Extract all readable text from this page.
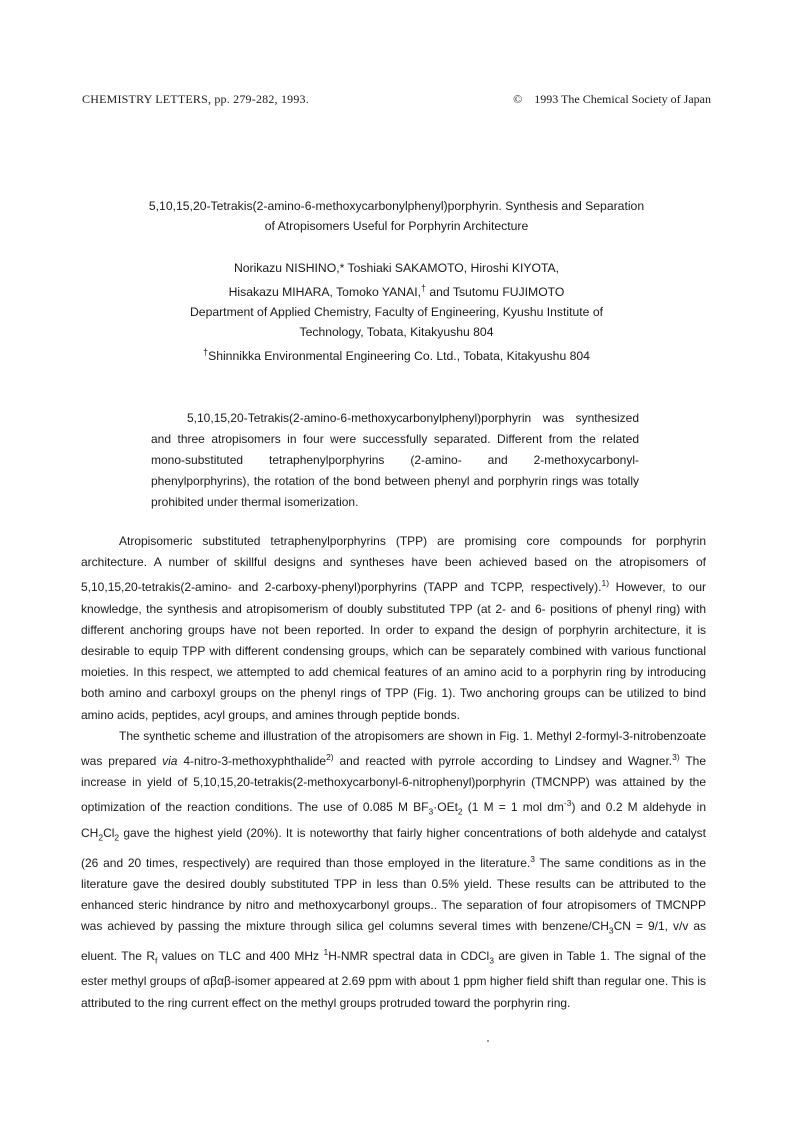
CHEMISTRY LETTERS, pp. 279-282, 1993.	© 1993 The Chemical Society of Japan
5,10,15,20-Tetrakis(2-amino-6-methoxycarbonylphenyl)porphyrin. Synthesis and Separation
of Atropisomers Useful for Porphyrin Architecture
Norikazu NISHINO,* Toshiaki SAKAMOTO, Hiroshi KIYOTA,
Hisakazu MIHARA, Tomoko YANAI,† and Tsutomu FUJIMOTO
Department of Applied Chemistry, Faculty of Engineering, Kyushu Institute of
Technology, Tobata, Kitakyushu 804
†Shinnikka Environmental Engineering Co. Ltd., Tobata, Kitakyushu 804

5,10,15,20-Tetrakis(2-amino-6-methoxycarbonylphenyl)porphyrin was synthesized and three atropisomers in four were successfully separated. Different from the related mono-substituted tetraphenylporphyrins (2-amino- and 2-methoxycarbonyl-phenylporphyrins), the rotation of the bond between phenyl and porphyrin rings was totally prohibited under thermal isomerization.

Atropisomeric substituted tetraphenylporphyrins (TPP) are promising core compounds for porphyrin architecture. A number of skillful designs and syntheses have been achieved based on the atropisomers of 5,10,15,20-tetrakis(2-amino- and 2-carboxy-phenyl)porphyrins (TAPP and TCPP, respectively).$^{1)}$ However, to our knowledge, the synthesis and atropisomerism of doubly substituted TPP (at 2- and 6- positions of phenyl ring) with different anchoring groups have not been reported. In order to expand the design of porphyrin architecture, it is desirable to equip TPP with different condensing groups, which can be separately combined with various functional moieties. In this respect, we attempted to add chemical features of an amino acid to a porphyrin ring by introducing both amino and carboxyl groups on the phenyl rings of TPP (Fig. 1). Two anchoring groups can be utilized to bind amino acids, peptides, acyl groups, and amines through peptide bonds.

The synthetic scheme and illustration of the atropisomers are shown in Fig. 1. Methyl 2-formyl-3-nitrobenzoate was prepared via 4-nitro-3-methoxyphthalide$^{2)}$ and reacted with pyrrole according to Lindsey and Wagner.$^{3)}$ The increase in yield of 5,10,15,20-tetrakis(2-methoxycarbonyl-6-nitrophenyl)porphyrin (TMCNPP) was attained by the optimization of the reaction conditions. The use of 0.085 M $BF_3\cdot OEt_2$ (1 M = 1 mol $dm^{-3}$) and 0.2 M aldehyde in $CH_2Cl_2$ gave the highest yield (20%). It is noteworthy that fairly higher concentrations of both aldehyde and catalyst (26 and 20 times, respectively) are required than those employed in the literature.$^3$ The same conditions as in the literature gave the desired doubly substituted TPP in less than 0.5% yield. These results can be attributed to the enhanced steric hindrance by nitro and methoxycarbonyl groups.. The separation of four atropisomers of TMCNPP was achieved by passing the mixture through silica gel columns several times with benzene/$CH_3CN = 9/1$, v/v as eluent. The $R_f$ values on TLC and 400 MHz $^1$H-NMR spectral data in CDCl$_3$ are given in Table 1. The signal of the ester methyl groups of αβαβ-isomer appeared at 2.69 ppm with about 1 ppm higher field shift than regular one. This is attributed to the ring current effect on the methyl groups protruded toward the porphyrin ring.
